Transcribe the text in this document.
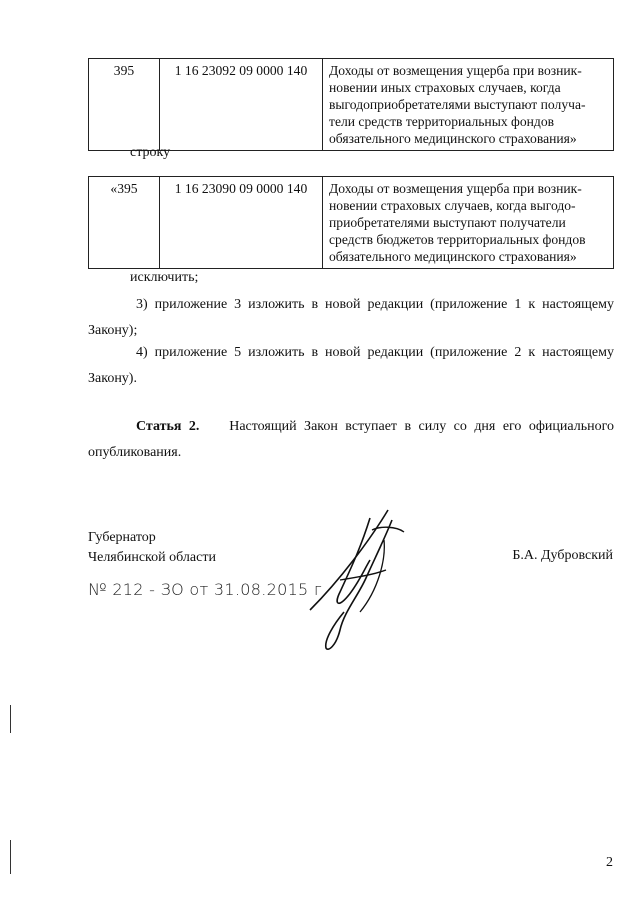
395	1 16 23092 09 0000 140	Доходы от возмещения ущерба при возник-
новении иных страховых случаев, когда
выгодоприобретателями выступают получа-
тели средств территориальных фондов
обязательного медицинского страхования»
строку
«395	1 16 23090 09 0000 140	Доходы от возмещения ущерба при возник-
новении страховых случаев, когда выгодо-
приобретателями выступают получатели
средств бюджетов территориальных фондов
обязательного медицинского страхования»
исключить;
3) приложение 3 изложить в новой редакции (приложение 1 к настоящему Закону);
4) приложение 5 изложить в новой редакции (приложение 2 к настоящему Закону).
Статья 2. Настоящий Закон вступает в силу со дня его официального опубликования.
Губернатор
Челябинской области	Б.А. Дубровский
№ 212 - ЗО от 31.08.2015 г.
2
